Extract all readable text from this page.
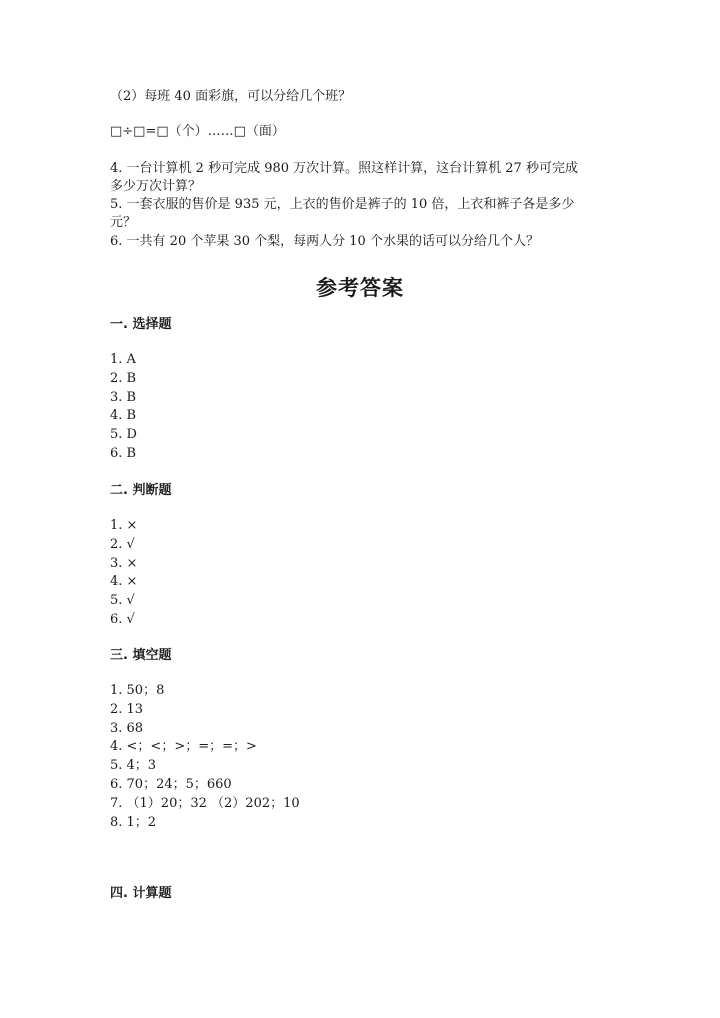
（2）每班 40 面彩旗，可以分给几个班？
□÷□=□（个）……□（面）
4. 一台计算机 2 秒可完成 980 万次计算。照这样计算，这台计算机 27 秒可完成
多少万次计算？
5. 一套衣服的售价是 935 元，上衣的售价是裤子的 10 倍，上衣和裤子各是多少
元？
6. 一共有 20 个苹果 30 个梨，每两人分 10 个水果的话可以分给几个人？
参考答案
一. 选择题
1. A
2. B
3. B
4. B
5. D
6. B
二. 判断题
1. ×
2. √
3. ×
4. ×
5. √
6. √
三. 填空题
1. 50；8
2. 13
3. 68
4. <；<；>；=；=；>
5. 4；3
6. 70；24；5；660
7. （1）20；32 （2）202；10
8. 1；2
四. 计算题
